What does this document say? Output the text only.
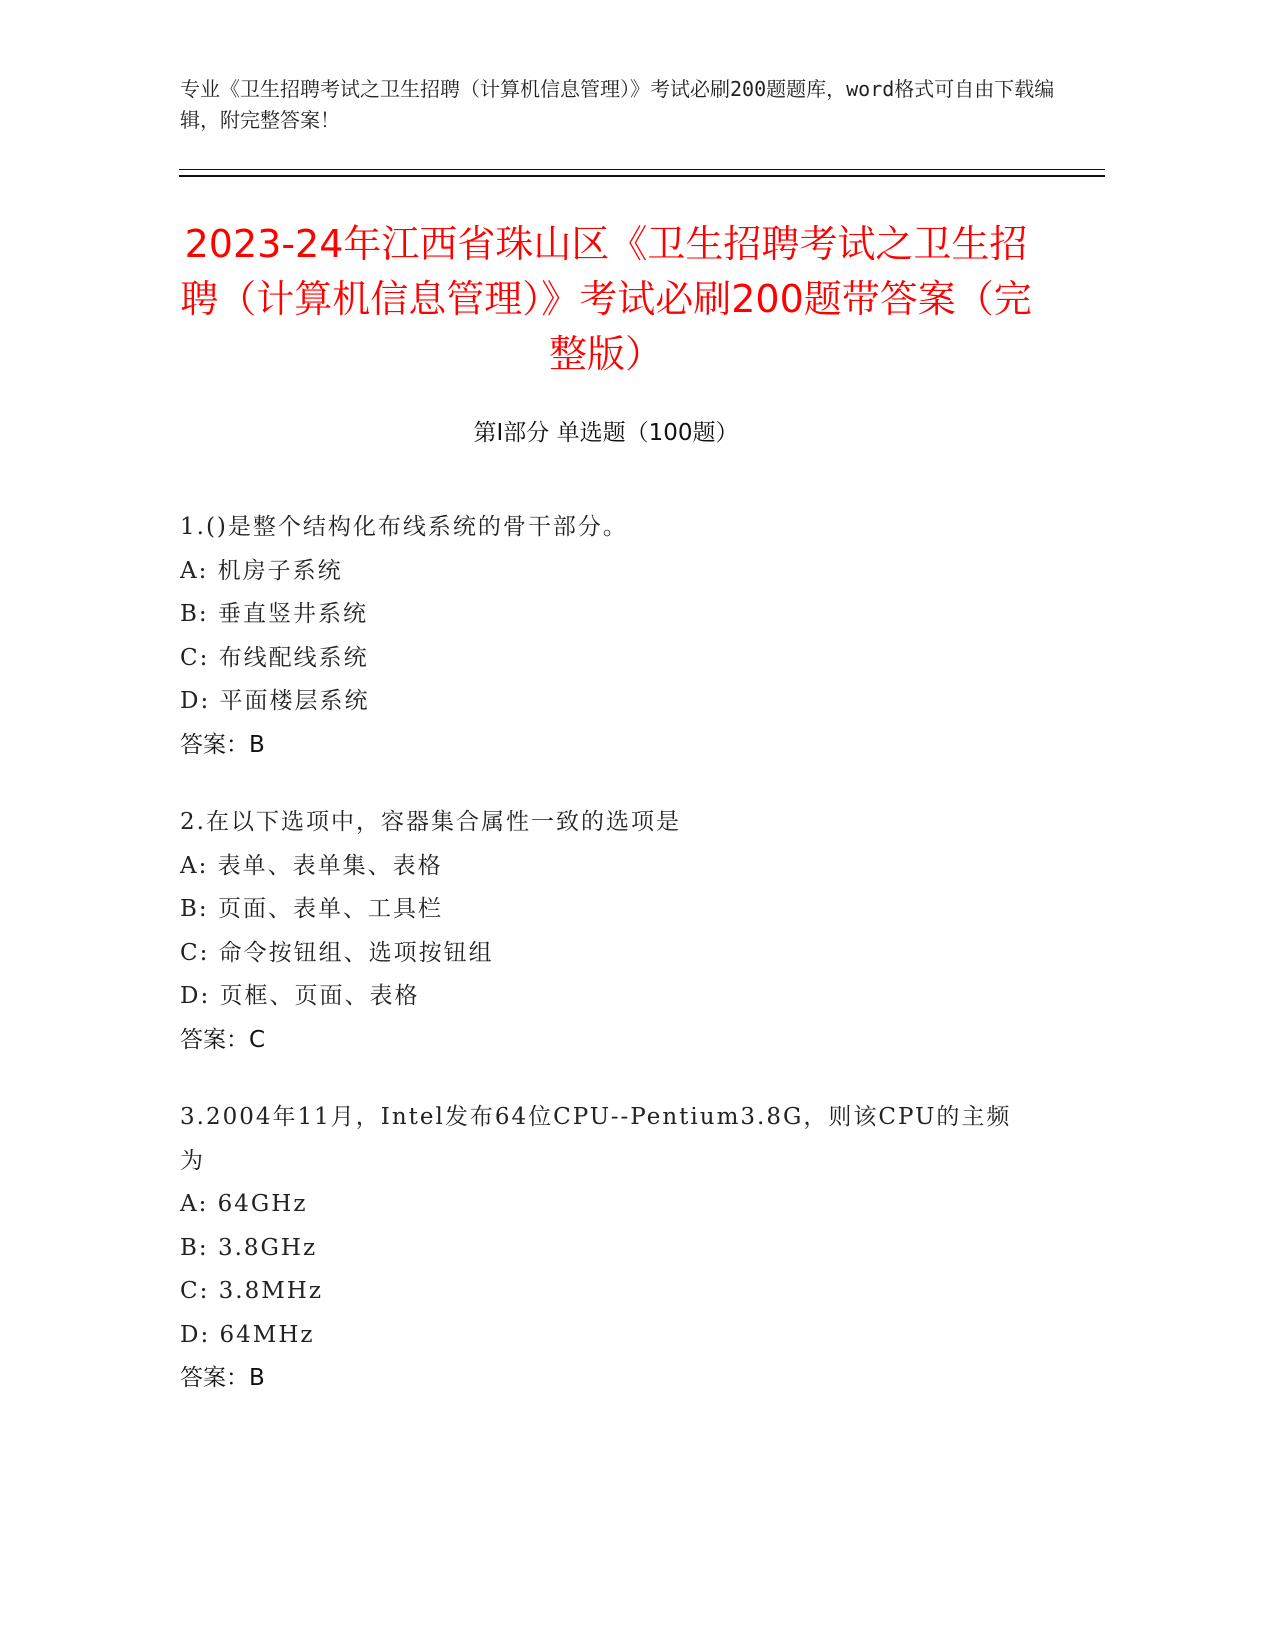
专业《卫生招聘考试之卫生招聘（计算机信息管理）》考试必刷200题题库，word格式可自由下载编辑，附完整答案！

2023-24年江西省珠山区《卫生招聘考试之卫生招聘（计算机信息管理）》考试必刷200题带答案（完整版）
第Ⅰ部分 单选题（100题）

1.()是整个结构化布线系统的骨干部分。

A: 机房子系统

B: 垂直竖井系统

C: 布线配线系统

D: 平面楼层系统

答案：B

2.在以下选项中，容器集合属性一致的选项是

A: 表单、表单集、表格

B: 页面、表单、工具栏

C: 命令按钮组、选项按钮组

D: 页框、页面、表格

答案：C

3.2004年11月，Intel发布64位CPU--Pentium3.8G，则该CPU的主频为

A: 64GHz

B: 3.8GHz

C: 3.8MHz

D: 64MHz

答案：B
